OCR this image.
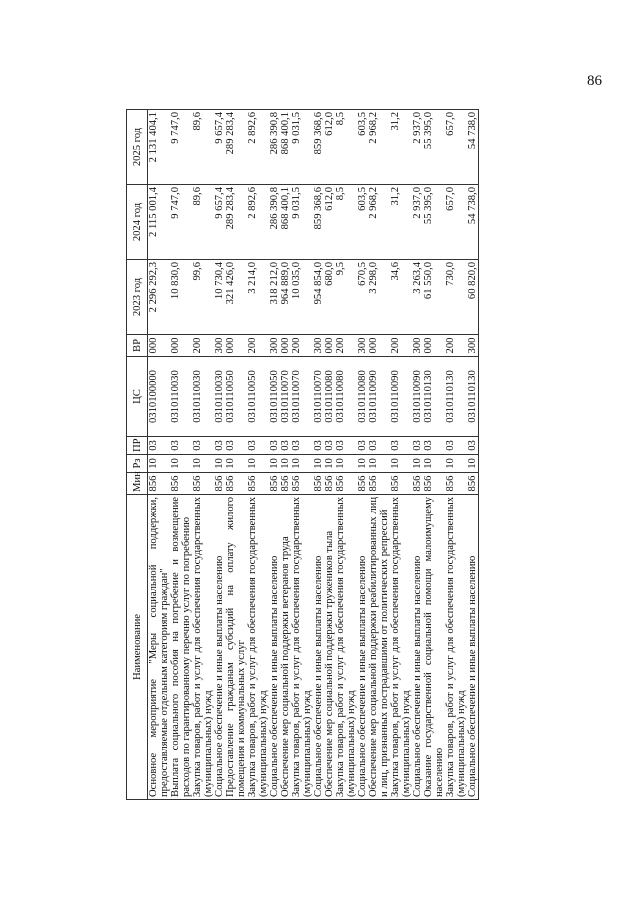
86
Наименование	Мин	Рз	ПР	ЦС	ВР	2023 год	2024 год	2025 год
Основное мероприятие "Меры социальной поддержки, предоставляемые отдельным категориям граждан"	856	10	03	0310100000	000	2 296 292,3	2 115 001,4	2 131 404,1
Выплата социального пособия на погребение и возмещение расходов по гарантированному перечню услуг по погребению	856	10	03	0310110030	000	10 830,0	9 747,0	9 747,0
Закупка товаров, работ и услуг для обеспечения государственных (муниципальных) нужд	856	10	03	0310110030	200	99,6	89,6	89,6
Социальное обеспечение и иные выплаты населению	856	10	03	0310110030	300	10 730,4	9 657,4	9 657,4
Предоставление гражданам субсидий на оплату жилого помещения и коммунальных услуг	856	10	03	0310110050	000	321 426,0	289 283,4	289 283,4
Закупка товаров, работ и услуг для обеспечения государственных (муниципальных) нужд	856	10	03	0310110050	200	3 214,0	2 892,6	2 892,6
Социальное обеспечение и иные выплаты населению	856	10	03	0310110050	300	318 212,0	286 390,8	286 390,8
Обеспечение мер социальной поддержки ветеранов труда	856	10	03	0310110070	000	964 889,0	868 400,1	868 400,1
Закупка товаров, работ и услуг для обеспечения государственных (муниципальных) нужд	856	10	03	0310110070	200	10 035,0	9 031,5	9 031,5
Социальное обеспечение и иные выплаты населению	856	10	03	0310110070	300	954 854,0	859 368,6	859 368,6
Обеспечение мер социальной поддержки тружеников тыла	856	10	03	0310110080	000	680,0	612,0	612,0
Закупка товаров, работ и услуг для обеспечения государственных (муниципальных) нужд	856	10	03	0310110080	200	9,5	8,5	8,5
Социальное обеспечение и иные выплаты населению	856	10	03	0310110080	300	670,5	603,5	603,5
Обеспечение мер социальной поддержки реабилитированных лиц и лиц, признанных пострадавшими от политических репрессий	856	10	03	0310110090	000	3 298,0	2 968,2	2 968,2
Закупка товаров, работ и услуг для обеспечения государственных (муниципальных) нужд	856	10	03	0310110090	200	34,6	31,2	31,2
Социальное обеспечение и иные выплаты населению	856	10	03	0310110090	300	3 263,4	2 937,0	2 937,0
Оказание государственной социальной помощи малоимущему населению	856	10	03	0310110130	000	61 550,0	55 395,0	55 395,0
Закупка товаров, работ и услуг для обеспечения государственных (муниципальных) нужд	856	10	03	0310110130	200	730,0	657,0	657,0
Социальное обеспечение и иные выплаты населению	856	10	03	0310110130	300	60 820,0	54 738,0	54 738,0
